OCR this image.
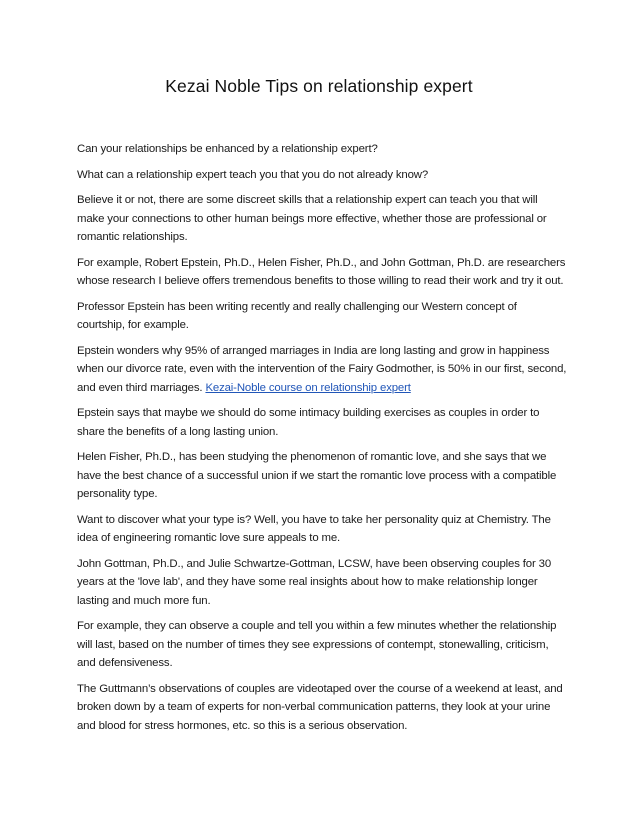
Kezai Noble Tips on relationship expert

Can your relationships be enhanced by a relationship expert?

What can a relationship expert teach you that you do not already know?

Believe it or not, there are some discreet skills that a relationship expert can teach you that will make your connections to other human beings more effective, whether those are professional or romantic relationships.

For example, Robert Epstein, Ph.D., Helen Fisher, Ph.D., and John Gottman, Ph.D. are researchers whose research I believe offers tremendous benefits to those willing to read their work and try it out.

Professor Epstein has been writing recently and really challenging our Western concept of courtship, for example.

Epstein wonders why 95% of arranged marriages in India are long lasting and grow in happiness when our divorce rate, even with the intervention of the Fairy Godmother, is 50% in our first, second, and even third marriages. Kezai-Noble course on relationship expert

Epstein says that maybe we should do some intimacy building exercises as couples in order to share the benefits of a long lasting union.

Helen Fisher, Ph.D., has been studying the phenomenon of romantic love, and she says that we have the best chance of a successful union if we start the romantic love process with a compatible personality type.

Want to discover what your type is? Well, you have to take her personality quiz at Chemistry. The idea of engineering romantic love sure appeals to me.

John Gottman, Ph.D., and Julie Schwartze-Gottman, LCSW, have been observing couples for 30 years at the 'love lab', and they have some real insights about how to make relationship longer lasting and much more fun.

For example, they can observe a couple and tell you within a few minutes whether the relationship will last, based on the number of times they see expressions of contempt, stonewalling, criticism, and defensiveness.

The Guttmann’s observations of couples are videotaped over the course of a weekend at least, and broken down by a team of experts for non-verbal communication patterns, they look at your urine and blood for stress hormones, etc. so this is a serious observation.
